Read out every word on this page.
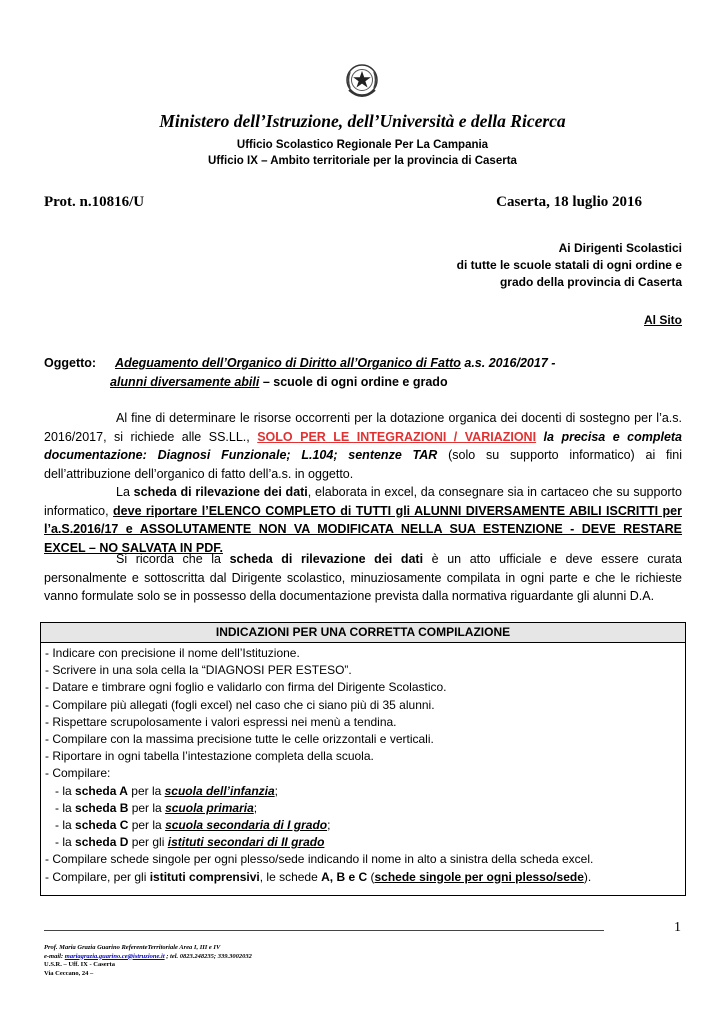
Ministero dell’Istruzione, dell’Università e della Ricerca
Ufficio Scolastico Regionale Per La Campania
Ufficio IX – Ambito territoriale per la provincia di Caserta
Prot. n.10816/U	Caserta, 18 luglio 2016
Ai Dirigenti Scolastici
di tutte le scuole statali di ogni ordine e
grado della provincia di Caserta
Al Sito
Oggetto: Adeguamento dell’Organico di Diritto all’Organico di Fatto a.s. 2016/2017 -
alunni diversamente abili – scuole di ogni ordine e grado
Al fine di determinare le risorse occorrenti per la dotazione organica dei docenti di sostegno per l’a.s. 2016/2017, si richiede alle SS.LL., SOLO PER LE INTEGRAZIONI / VARIAZIONI la precisa e completa documentazione: Diagnosi Funzionale; L.104; sentenze TAR (solo su supporto informatico) ai fini dell’attribuzione dell’organico di fatto dell’a.s. in oggetto.
La scheda di rilevazione dei dati, elaborata in excel, da consegnare sia in cartaceo che su supporto informatico, deve riportare l’ELENCO COMPLETO di TUTTI gli ALUNNI DIVERSAMENTE ABILI ISCRITTI per l’a.S.2016/17 e ASSOLUTAMENTE NON VA MODIFICATA NELLA SUA ESTENZIONE - DEVE RESTARE EXCEL – NO SALVATA IN PDF.
Si ricorda che la scheda di rilevazione dei dati è un atto ufficiale e deve essere curata personalmente e sottoscritta dal Dirigente scolastico, minuziosamente compilata in ogni parte e che le richieste vanno formulate solo se in possesso della documentazione prevista dalla normativa riguardante gli alunni D.A.
INDICAZIONI PER UNA CORRETTA COMPILAZIONE
- Indicare con precisione il nome dell’Istituzione.
- Scrivere in una sola cella la “DIAGNOSI PER ESTESO”.
- Datare e timbrare ogni foglio e validarlo con firma del Dirigente Scolastico.
- Compilare più allegati (fogli excel) nel caso che ci siano più di 35 alunni.
- Rispettare scrupolosamente i valori espressi nei menù a tendina.
- Compilare con la massima precisione tutte le celle orizzontali e verticali.
- Riportare in ogni tabella l’intestazione completa della scuola.
- Compilare:
- la scheda A per la scuola dell’infanzia;
- la scheda B per la scuola primaria;
- la scheda C per la scuola secondaria di I grado;
- la scheda D per gli istituti secondari di II grado
- Compilare schede singole per ogni plesso/sede indicando il nome in alto a sinistra della scheda excel.
- Compilare, per gli istituti comprensivi, le schede A, B e C (schede singole per ogni plesso/sede).
1
Prof. Maria Grazia Guarino ReferenteTerritoriale Area I, III e IV
e-mail: mariagrazia.guarino.ce@istruzione.it ; tel. 0823.248235; 339.3002032
U.S.R. – Uff. IX - Caserta
Via Ceccano, 24 –
